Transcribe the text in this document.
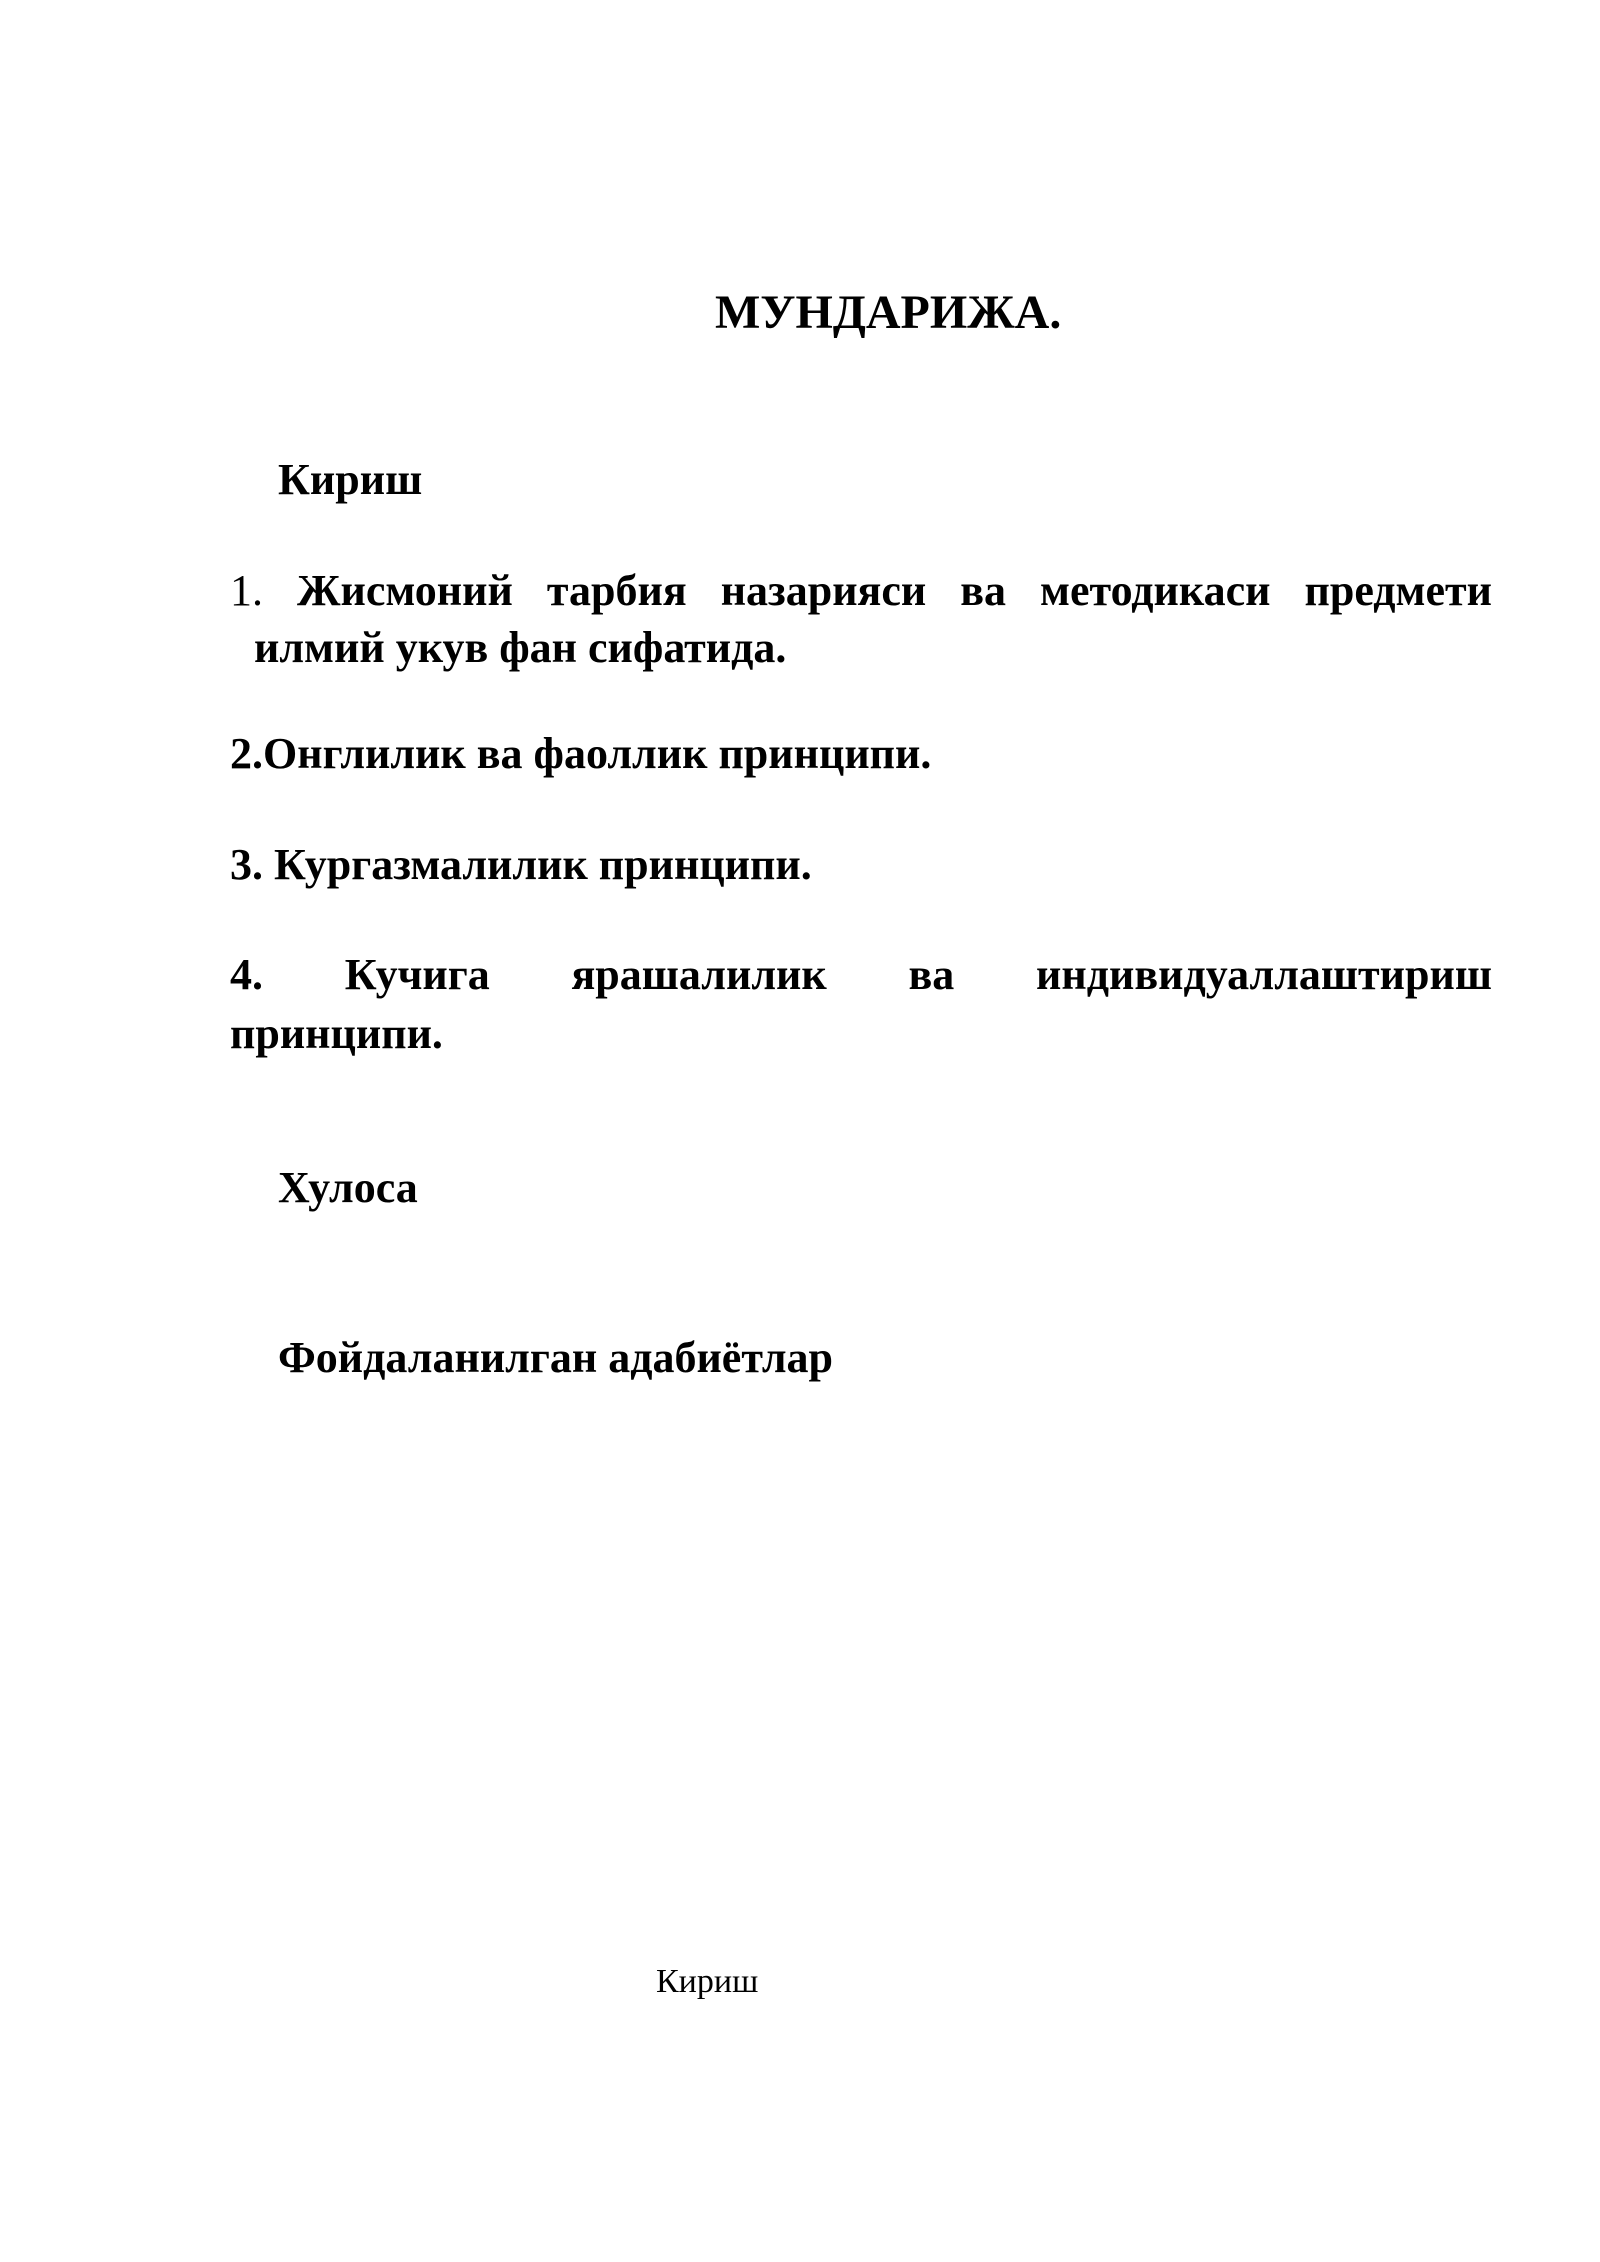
МУНДАРИЖА.
Кириш
1. Жисмоний тарбия назарияси ва методикаси предмети
илмий укув фан сифатида.
2.Онглилик ва фаоллик принципи.
3. Кургазмалилик принципи.
4. Кучига ярашалилик ва индивидуаллаштириш
принципи.
Хулоса
Фойдаланилган адабиётлар
Кириш
